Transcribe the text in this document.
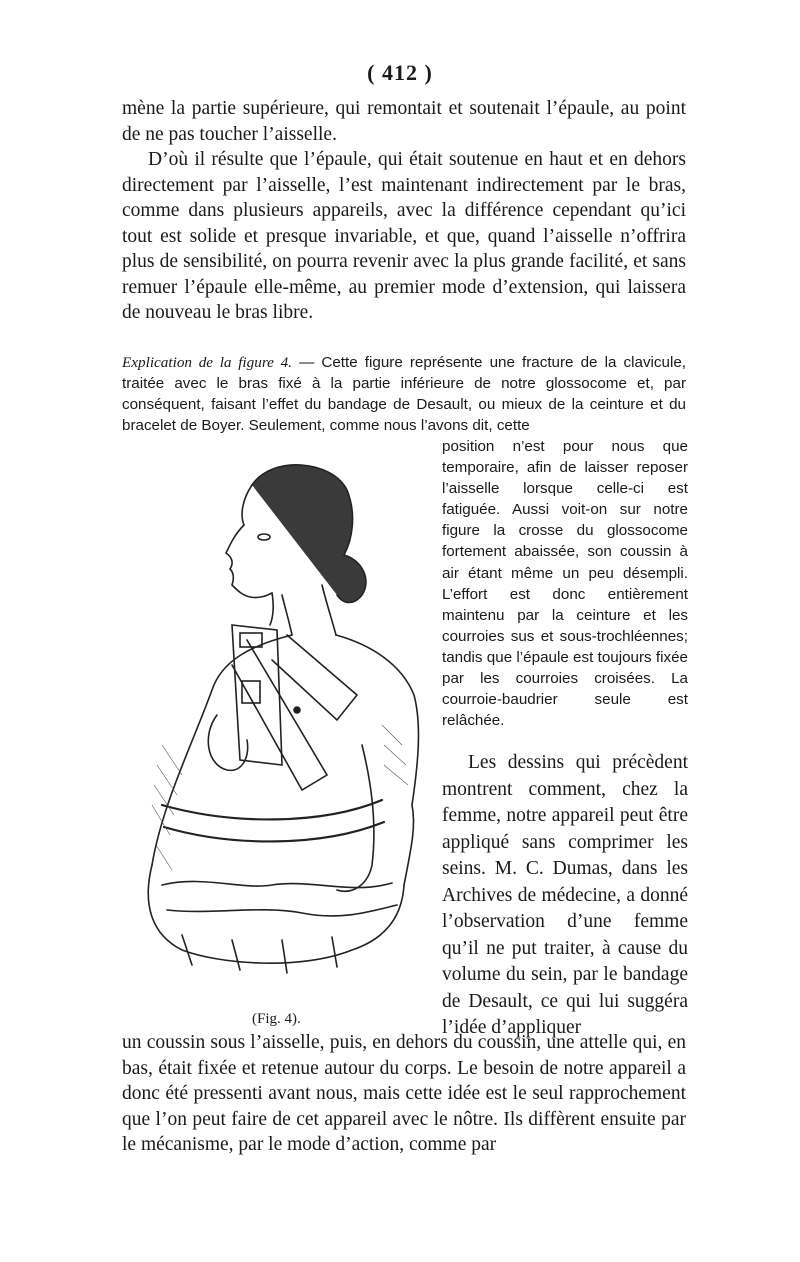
( 412 )

mène la partie supérieure, qui remontait et soutenait l’épaule, au point de ne pas toucher l’aisselle.

D’où il résulte que l’épaule, qui était soutenue en haut et en dehors directement par l’aisselle, l’est maintenant indirectement par le bras, comme dans plusieurs appareils, avec la différence cependant qu’ici tout est solide et presque invariable, et que, quand l’aisselle n’offrira plus de sensibilité, on pourra revenir avec la plus grande facilité, et sans remuer l’épaule elle-même, au premier mode d’extension, qui laissera de nouveau le bras libre.

Explication de la figure 4. — Cette figure représente une fracture de la clavicule, traitée avec le bras fixé à la partie inférieure de notre glossocome et, par conséquent, faisant l’effet du bandage de Desault, ou mieux de la ceinture et du bracelet de Boyer. Seulement, comme nous l’avons dit, cette

position n’est pour nous que temporaire, afin de laisser reposer l’aisselle lorsque celle-ci est fatiguée. Aussi voit-on sur notre figure la crosse du glossocome fortement abaissée, son coussin à air étant même un peu désempli. L’effort est donc entièrement maintenu par la ceinture et les courroies sus et sous-trochléennes; tandis que l’épaule est toujours fixée par les courroies croisées. La courroie-baudrier seule est relâchée.

(Fig. 4).

Les dessins qui précèdent montrent comment, chez la femme, notre appareil peut être appliqué sans comprimer les seins. M. C. Dumas, dans les Archives de médecine, a donné l’observation d’une femme qu’il ne put traiter, à cause du volume du sein, par le bandage de Desault, ce qui lui suggéra l’idée d’appliquer

un coussin sous l’aisselle, puis, en dehors du coussin, une attelle qui, en bas, était fixée et retenue autour du corps. Le besoin de notre appareil a donc été pressenti avant nous, mais cette idée est le seul rapprochement que l’on peut faire de cet appareil avec le nôtre. Ils diffèrent ensuite par le mécanisme, par le mode d’action, comme par
